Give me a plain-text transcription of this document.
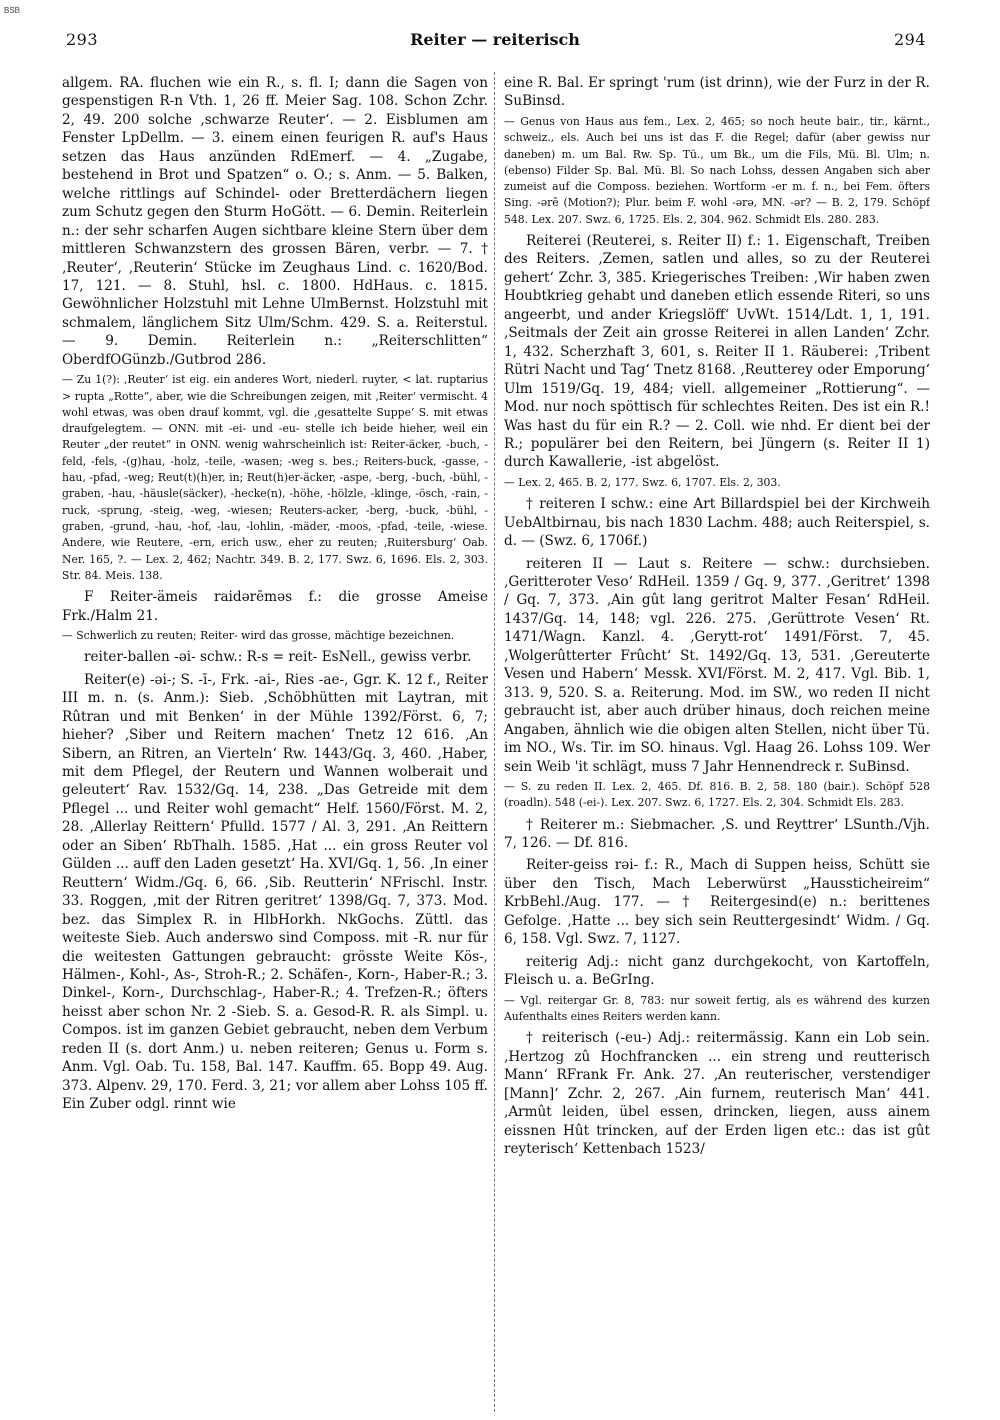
BSB
293	Reiter — reiterisch	294

allgem. RA. fluchen wie ein R., s. fl. I; dann die Sagen von gespenstigen R-n Vth. 1, 26 ff. Meier Sag. 108. Schon Zchr. 2, 49. 200 solche ‚schwarze Reuter‘. — 2. Eisblumen am Fenster LpDellm. — 3. einem einen feurigen R. auf's Haus setzen das Haus anzünden RdEmerf. — 4. „Zugabe, bestehend in Brot und Spatzen“ o. O.; s. Anm. — 5. Balken, welche rittlings auf Schindel- oder Bretterdächern liegen zum Schutz gegen den Sturm HoGött. — 6. Demin. Reiterlein n.: der sehr scharfen Augen sichtbare kleine Stern über dem mittleren Schwanzstern des grossen Bären, verbr. — 7. † ‚Reuter‘, ‚Reuterin‘ Stücke im Zeughaus Lind. c. 1620/Bod. 17, 121. — 8. Stuhl, hsl. c. 1800. HdHaus. c. 1815. Gewöhnlicher Holzstuhl mit Lehne UlmBernst. Holzstuhl mit schmalem, länglichem Sitz Ulm/Schm. 429. S. a. Reiterstul. — 9. Demin. Reiterlein n.: „Reiterschlitten“ OberdfOGünzb./Gutbrod 286.

— Zu 1(?): ‚Reuter‘ ist eig. ein anderes Wort, niederl. ruyter, < lat. ruptarius > rupta „Rotte“, aber, wie die Schreibungen zeigen, mit ‚Reiter‘ vermischt. 4 wohl etwas, was oben drauf kommt, vgl. die ‚gesattelte Suppe‘ S. mit etwas draufgelegtem. — ONN. mit -ei- und -eu- stelle ich beide hieher, weil ein Reuter „der reutet“ in ONN. wenig wahrscheinlich ist: Reiter-äcker, -buch, -feld, -fels, -(g)hau, -holz, -teile, -wasen; -weg s. bes.; Reiters-buck, -gasse, -hau, -pfad, -weg; Reut(t)(h)er, in; Reut(h)er-äcker, -aspe, -berg, -buch, -bühl, -graben, -hau, -häusle(säcker), -hecke(n), -höhe, -hölzle, -klinge, -ösch, -rain, -ruck, -sprung, -steig, -weg, -wiesen; Reuters-acker, -berg, -buck, -bühl, -graben, -grund, -hau, -hof, -lau, -lohlin, -mäder, -moos, -pfad, -teile, -wiese. Andere, wie Reutere, -ern, erich usw., eher zu reuten; ‚Ruitersburg‘ Oab. Ner. 165, ?. — Lex. 2, 462; Nachtr. 349. B. 2, 177. Swz. 6, 1696. Els. 2, 303. Str. 84. Meis. 138.

F Reiter-ämeis raidərēməs f.: die grosse Ameise Frk./Halm 21.

— Schwerlich zu reuten; Reiter- wird das grosse, mächtige bezeichnen.

reiter-ballen -əi- schw.: R-s = reit- EsNell., gewiss verbr.

Reiter(e) -əi-; S. -ī-, Frk. -ai-, Ries -ae-, Ggr. K. 12 f., Reiter III m. n. (s. Anm.): Sieb. ‚Schöbhütten mit Laytran, mit Rûtran und mit Benken‘ in der Mühle 1392/Först. 6, 7; hieher? ‚Siber und Reitern machen‘ Tnetz 12 616. ‚An Sibern, an Ritren, an Vierteln‘ Rw. 1443/Gq. 3, 460. ‚Haber, mit dem Pflegel, der Reutern und Wannen wolberait und geleutert‘ Rav. 1532/Gq. 14, 238. „Das Getreide mit dem Pflegel ... und Reiter wohl gemacht“ Helf. 1560/Först. M. 2, 28. ‚Allerlay Reittern‘ Pfulld. 1577 / Al. 3, 291. ‚An Reittern oder an Siben‘ RbThalh. 1585. ‚Hat ... ein gross Reuter vol Gülden ... auff den Laden gesetzt‘ Ha. XVI/Gq. 1, 56. ‚In einer Reuttern‘ Widm./Gq. 6, 66. ‚Sib. Reutterin‘ NFrischl. Instr. 33. Roggen, ‚mit der Ritren geritret‘ 1398/Gq. 7, 373. Mod. bez. das Simplex R. in HlbHorkh. NkGochs. Züttl. das weiteste Sieb. Auch anderswo sind Composs. mit -R. nur für die weitesten Gattungen gebraucht: grösste Weite Kös-, Hälmen-, Kohl-, As-, Stroh-R.; 2. Schäfen-, Korn-, Haber-R.; 3. Dinkel-, Korn-, Durchschlag-, Haber-R.; 4. Trefzen-R.; öfters heisst aber schon Nr. 2 -Sieb. S. a. Gesod-R. R. als Simpl. u. Compos. ist im ganzen Gebiet gebraucht, neben dem Verbum reden II (s. dort Anm.) u. neben reiteren; Genus u. Form s. Anm. Vgl. Oab. Tu. 158, Bal. 147. Kauffm. 65. Bopp 49. Aug. 373. Alpenv. 29, 170. Ferd. 3, 21; vor allem aber Lohss 105 ff. Ein Zuber odgl. rinnt wie

eine R. Bal. Er springt 'rum (ist drinn), wie der Furz in der R. SuBinsd.

— Genus von Haus aus fem., Lex. 2, 465; so noch heute bair., tir., kärnt., schweiz., els. Auch bei uns ist das F. die Regel; dafür (aber gewiss nur daneben) m. um Bal. Rw. Sp. Tü., um Bk., um die Fils, Mü. Bl. Ulm; n. (ebenso) Filder Sp. Bal. Mü. Bl. So nach Lohss, dessen Angaben sich aber zumeist auf die Composs. beziehen. Wortform -er m. f. n., bei Fem. öfters Sing. -ərē (Motion?); Plur. beim F. wohl -ərə, MN. -ər? — B. 2, 179. Schöpf 548. Lex. 207. Swz. 6, 1725. Els. 2, 304. 962. Schmidt Els. 280. 283.

Reiterei (Reuterei, s. Reiter II) f.: 1. Eigenschaft, Treiben des Reiters. ‚Zemen, satlen und alles, so zu der Reuterei gehert‘ Zchr. 3, 385. Kriegerisches Treiben: ‚Wir haben zwen Houbtkrieg gehabt und daneben etlich essende Riteri, so uns angeerbt, und ander Kriegslöff‘ UvWt. 1514/Ldt. 1, 1, 191. ‚Seitmals der Zeit ain grosse Reiterei in allen Landen‘ Zchr. 1, 432. Scherzhaft 3, 601, s. Reiter II 1. Räuberei: ‚Tribent Rütri Nacht und Tag‘ Tnetz 8168. ‚Reutterey oder Emporung‘ Ulm 1519/Gq. 19, 484; viell. allgemeiner „Rottierung“. — Mod. nur noch spöttisch für schlechtes Reiten. Des ist ein R.! Was hast du für ein R.? — 2. Coll. wie nhd. Er dient bei der R.; populärer bei den Reitern, bei Jüngern (s. Reiter II 1) durch Kawallerie, -ist abgelöst.

— Lex. 2, 465. B. 2, 177. Swz. 6, 1707. Els. 2, 303.

† reiteren I schw.: eine Art Billardspiel bei der Kirchweih UebAltbirnau, bis nach 1830 Lachm. 488; auch Reiterspiel, s. d. — (Swz. 6, 1706f.)

reiteren II — Laut s. Reitere — schw.: durchsieben. ‚Geritteroter Veso‘ RdHeil. 1359 / Gq. 9, 377. ‚Geritret‘ 1398 / Gq. 7, 373. ‚Ain gût lang geritrot Malter Fesan‘ RdHeil. 1437/Gq. 14, 148; vgl. 226. 275. ‚Gerüttrote Vesen‘ Rt. 1471/Wagn. Kanzl. 4. ‚Gerytt-rot‘ 1491/Först. 7, 45. ‚Wolgerûtterter Frûcht‘ St. 1492/Gq. 13, 531. ‚Gereuterte Vesen und Habern‘ Messk. XVI/Först. M. 2, 417. Vgl. Bib. 1, 313. 9, 520. S. a. Reiterung. Mod. im SW., wo reden II nicht gebraucht ist, aber auch drüber hinaus, doch reichen meine Angaben, ähnlich wie die obigen alten Stellen, nicht über Tü. im NO., Ws. Tir. im SO. hinaus. Vgl. Haag 26. Lohss 109. Wer sein Weib 'it schlägt, muss 7 Jahr Hennendreck r. SuBinsd.

— S. zu reden II. Lex. 2, 465. Df. 816. B. 2, 58. 180 (bair.). Schöpf 528 (roadln). 548 (-ei-). Lex. 207. Swz. 6, 1727. Els. 2, 304. Schmidt Els. 283.

† Reiterer m.: Siebmacher. ‚S. und Reyttrer‘ LSunth./Vjh. 7, 126. — Df. 816.

Reiter-geiss rəi- f.: R., Mach di Suppen heiss, Schütt sie über den Tisch, Mach Leberwürst „Haussticheireim“ KrbBehl./Aug. 177. — † Reitergesind(e) n.: berittenes Gefolge. ‚Hatte ... bey sich sein Reuttergesindt‘ Widm. / Gq. 6, 158. Vgl. Swz. 7, 1127.

reiterig Adj.: nicht ganz durchgekocht, von Kartoffeln, Fleisch u. a. BeGrIng.

— Vgl. reitergar Gr. 8, 783: nur soweit fertig, als es während des kurzen Aufenthalts eines Reiters werden kann.

† reiterisch (-eu-) Adj.: reitermässig. Kann ein Lob sein. ‚Hertzog zû Hochfrancken ... ein streng und reutterisch Mann‘ RFrank Fr. Ank. 27. ‚An reuterischer, verstendiger [Mann]‘ Zchr. 2, 267. ‚Ain furnem, reuterisch Man‘ 441. ‚Armût leiden, übel essen, drincken, liegen, auss ainem eissnen Hût trincken, auf der Erden ligen etc.: das ist gût reyterisch‘ Kettenbach 1523/
